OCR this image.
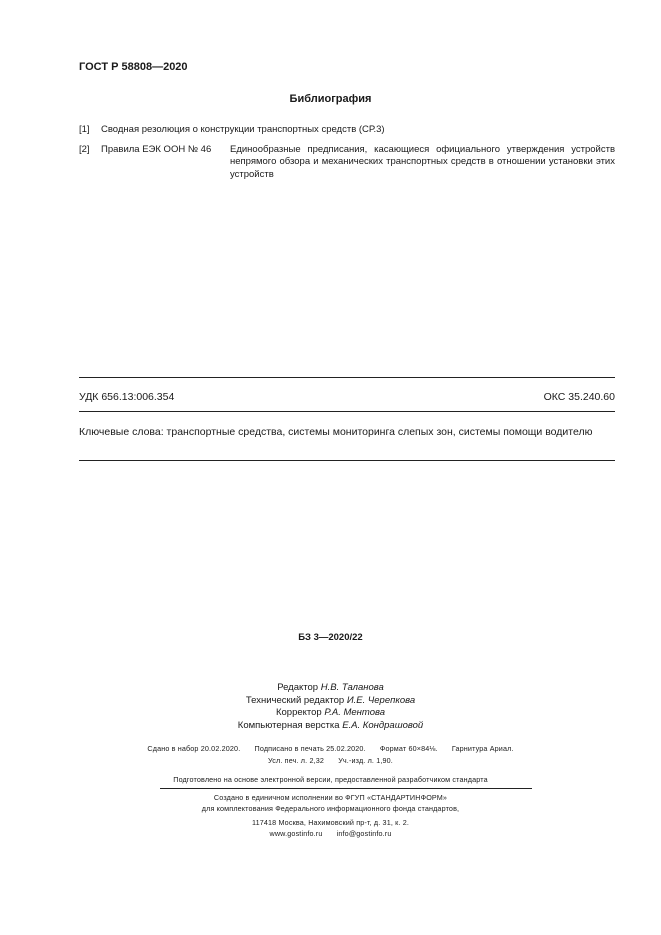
ГОСТ Р 58808—2020
Библиография
[1] Сводная резолюция о конструкции транспортных средств (СР.3)
[2] Правила ЕЭК ООН № 46	Единообразные предписания, касающиеся официального утверждения устройств непрямого обзора и механических транспортных средств в отношении установки этих устройств
УДК 656.13:006.354	ОКС 35.240.60
Ключевые слова: транспортные средства, системы мониторинга слепых зон, системы помощи водителю
БЗ 3—2020/22
Редактор Н.В. Таланова
Технический редактор И.Е. Черепкова
Корректор Р.А. Ментова
Компьютерная верстка Е.А. Кондрашовой
Сдано в набор 20.02.2020. Подписано в печать 25.02.2020. Формат 60×84⅛. Гарнитура Ариал.
Усл. печ. л. 2,32 Уч.-изд. л. 1,90.
Подготовлено на основе электронной версии, предоставленной разработчиком стандарта
Создано в единичном исполнении во ФГУП «СТАНДАРТИНФОРМ»
для комплектования Федерального информационного фонда стандартов,
117418 Москва, Нахимовский пр-т, д. 31, к. 2.
www.gostinfo.ru info@gostinfo.ru
